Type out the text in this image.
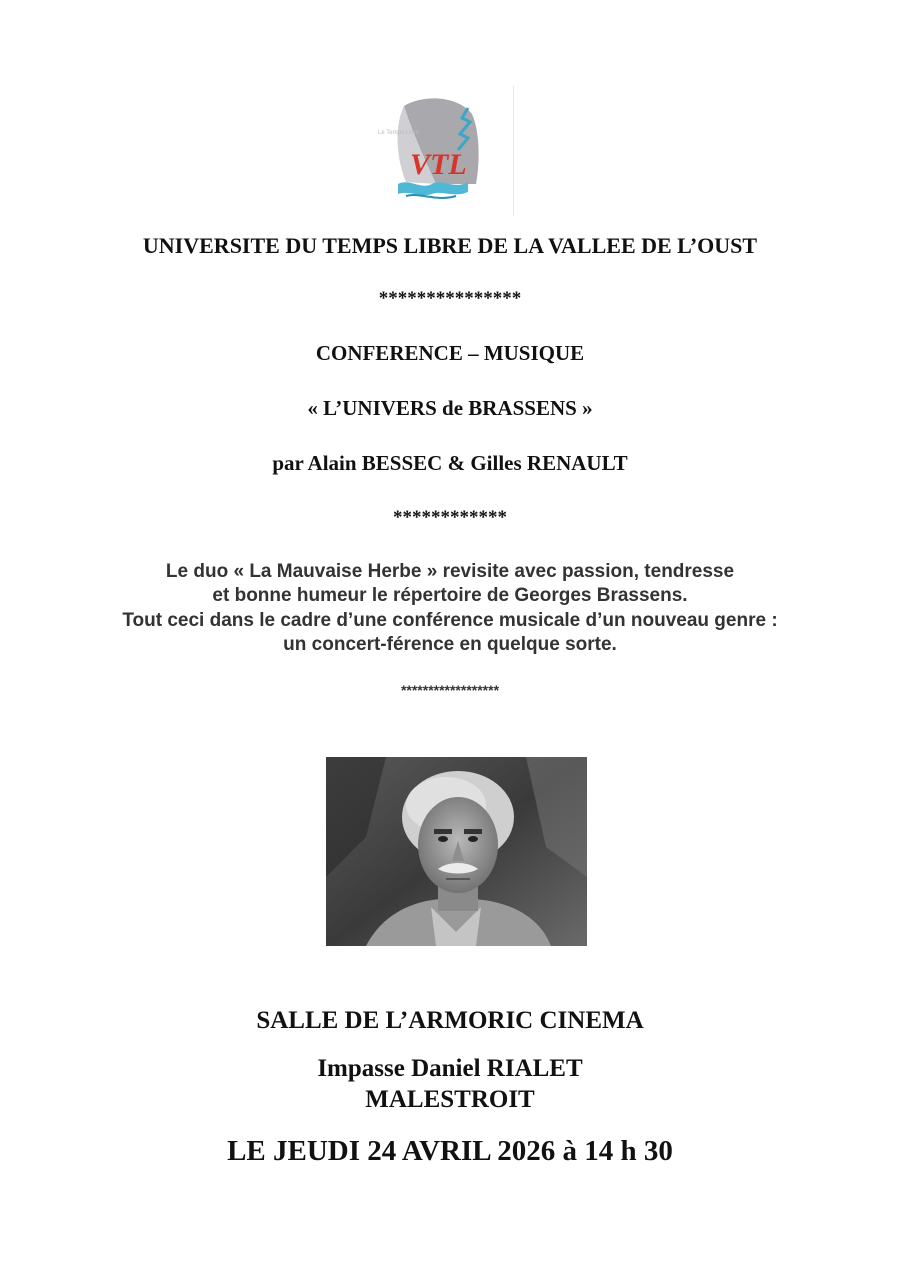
VTL
Le Temps Libre
UNIVERSITE DU TEMPS LIBRE DE LA VALLEE DE L’OUST
***************
CONFERENCE – MUSIQUE
« L’UNIVERS de BRASSENS »
par Alain BESSEC & Gilles RENAULT
************
Le duo « La Mauvaise Herbe » revisite avec passion, tendresse
et bonne humeur le répertoire de Georges Brassens.
Tout ceci dans le cadre d’une conférence musicale d’un nouveau genre :
un concert-férence en quelque sorte.
******************
SALLE DE L’ARMORIC CINEMA
Impasse Daniel RIALET
MALESTROIT
LE JEUDI 24 AVRIL 2026 à 14 h 30
